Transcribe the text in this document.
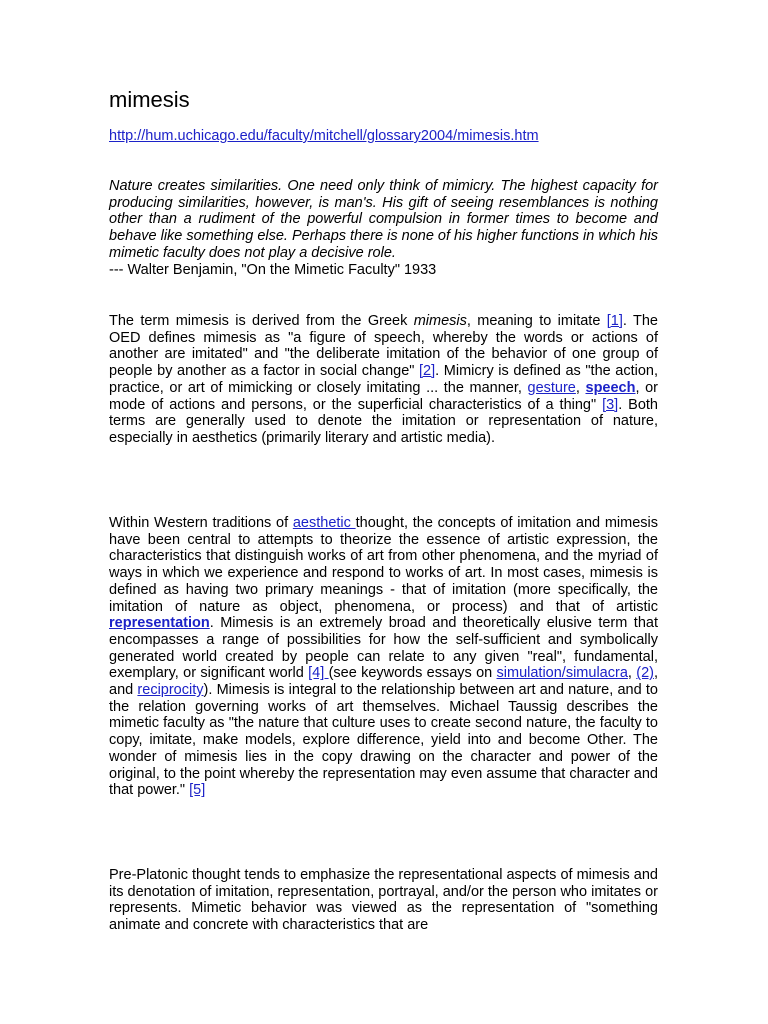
mimesis
http://hum.uchicago.edu/faculty/mitchell/glossary2004/mimesis.htm

Nature creates similarities. One need only think of mimicry. The highest capacity for producing similarities, however, is man's. His gift of seeing resemblances is nothing other than a rudiment of the powerful compulsion in former times to become and behave like something else. Perhaps there is none of his higher functions in which his mimetic faculty does not play a decisive role.
--- Walter Benjamin, "On the Mimetic Faculty" 1933

The term mimesis is derived from the Greek mimesis, meaning to imitate [1]. The OED defines mimesis as "a figure of speech, whereby the words or actions of another are imitated" and "the deliberate imitation of the behavior of one group of people by another as a factor in social change" [2]. Mimicry is defined as "the action, practice, or art of mimicking or closely imitating ... the manner, gesture, speech, or mode of actions and persons, or the superficial characteristics of a thing" [3]. Both terms are generally used to denote the imitation or representation of nature, especially in aesthetics (primarily literary and artistic media).

Within Western traditions of aesthetic thought, the concepts of imitation and mimesis have been central to attempts to theorize the essence of artistic expression, the characteristics that distinguish works of art from other phenomena, and the myriad of ways in which we experience and respond to works of art. In most cases, mimesis is defined as having two primary meanings - that of imitation (more specifically, the imitation of nature as object, phenomena, or process) and that of artistic representation. Mimesis is an extremely broad and theoretically elusive term that encompasses a range of possibilities for how the self-sufficient and symbolically generated world created by people can relate to any given "real", fundamental, exemplary, or significant world [4] (see keywords essays on simulation/simulacra, (2), and reciprocity). Mimesis is integral to the relationship between art and nature, and to the relation governing works of art themselves. Michael Taussig describes the mimetic faculty as "the nature that culture uses to create second nature, the faculty to copy, imitate, make models, explore difference, yield into and become Other. The wonder of mimesis lies in the copy drawing on the character and power of the original, to the point whereby the representation may even assume that character and that power." [5]

Pre-Platonic thought tends to emphasize the representational aspects of mimesis and its denotation of imitation, representation, portrayal, and/or the person who imitates or represents. Mimetic behavior was viewed as the representation of "something animate and concrete with characteristics that are
